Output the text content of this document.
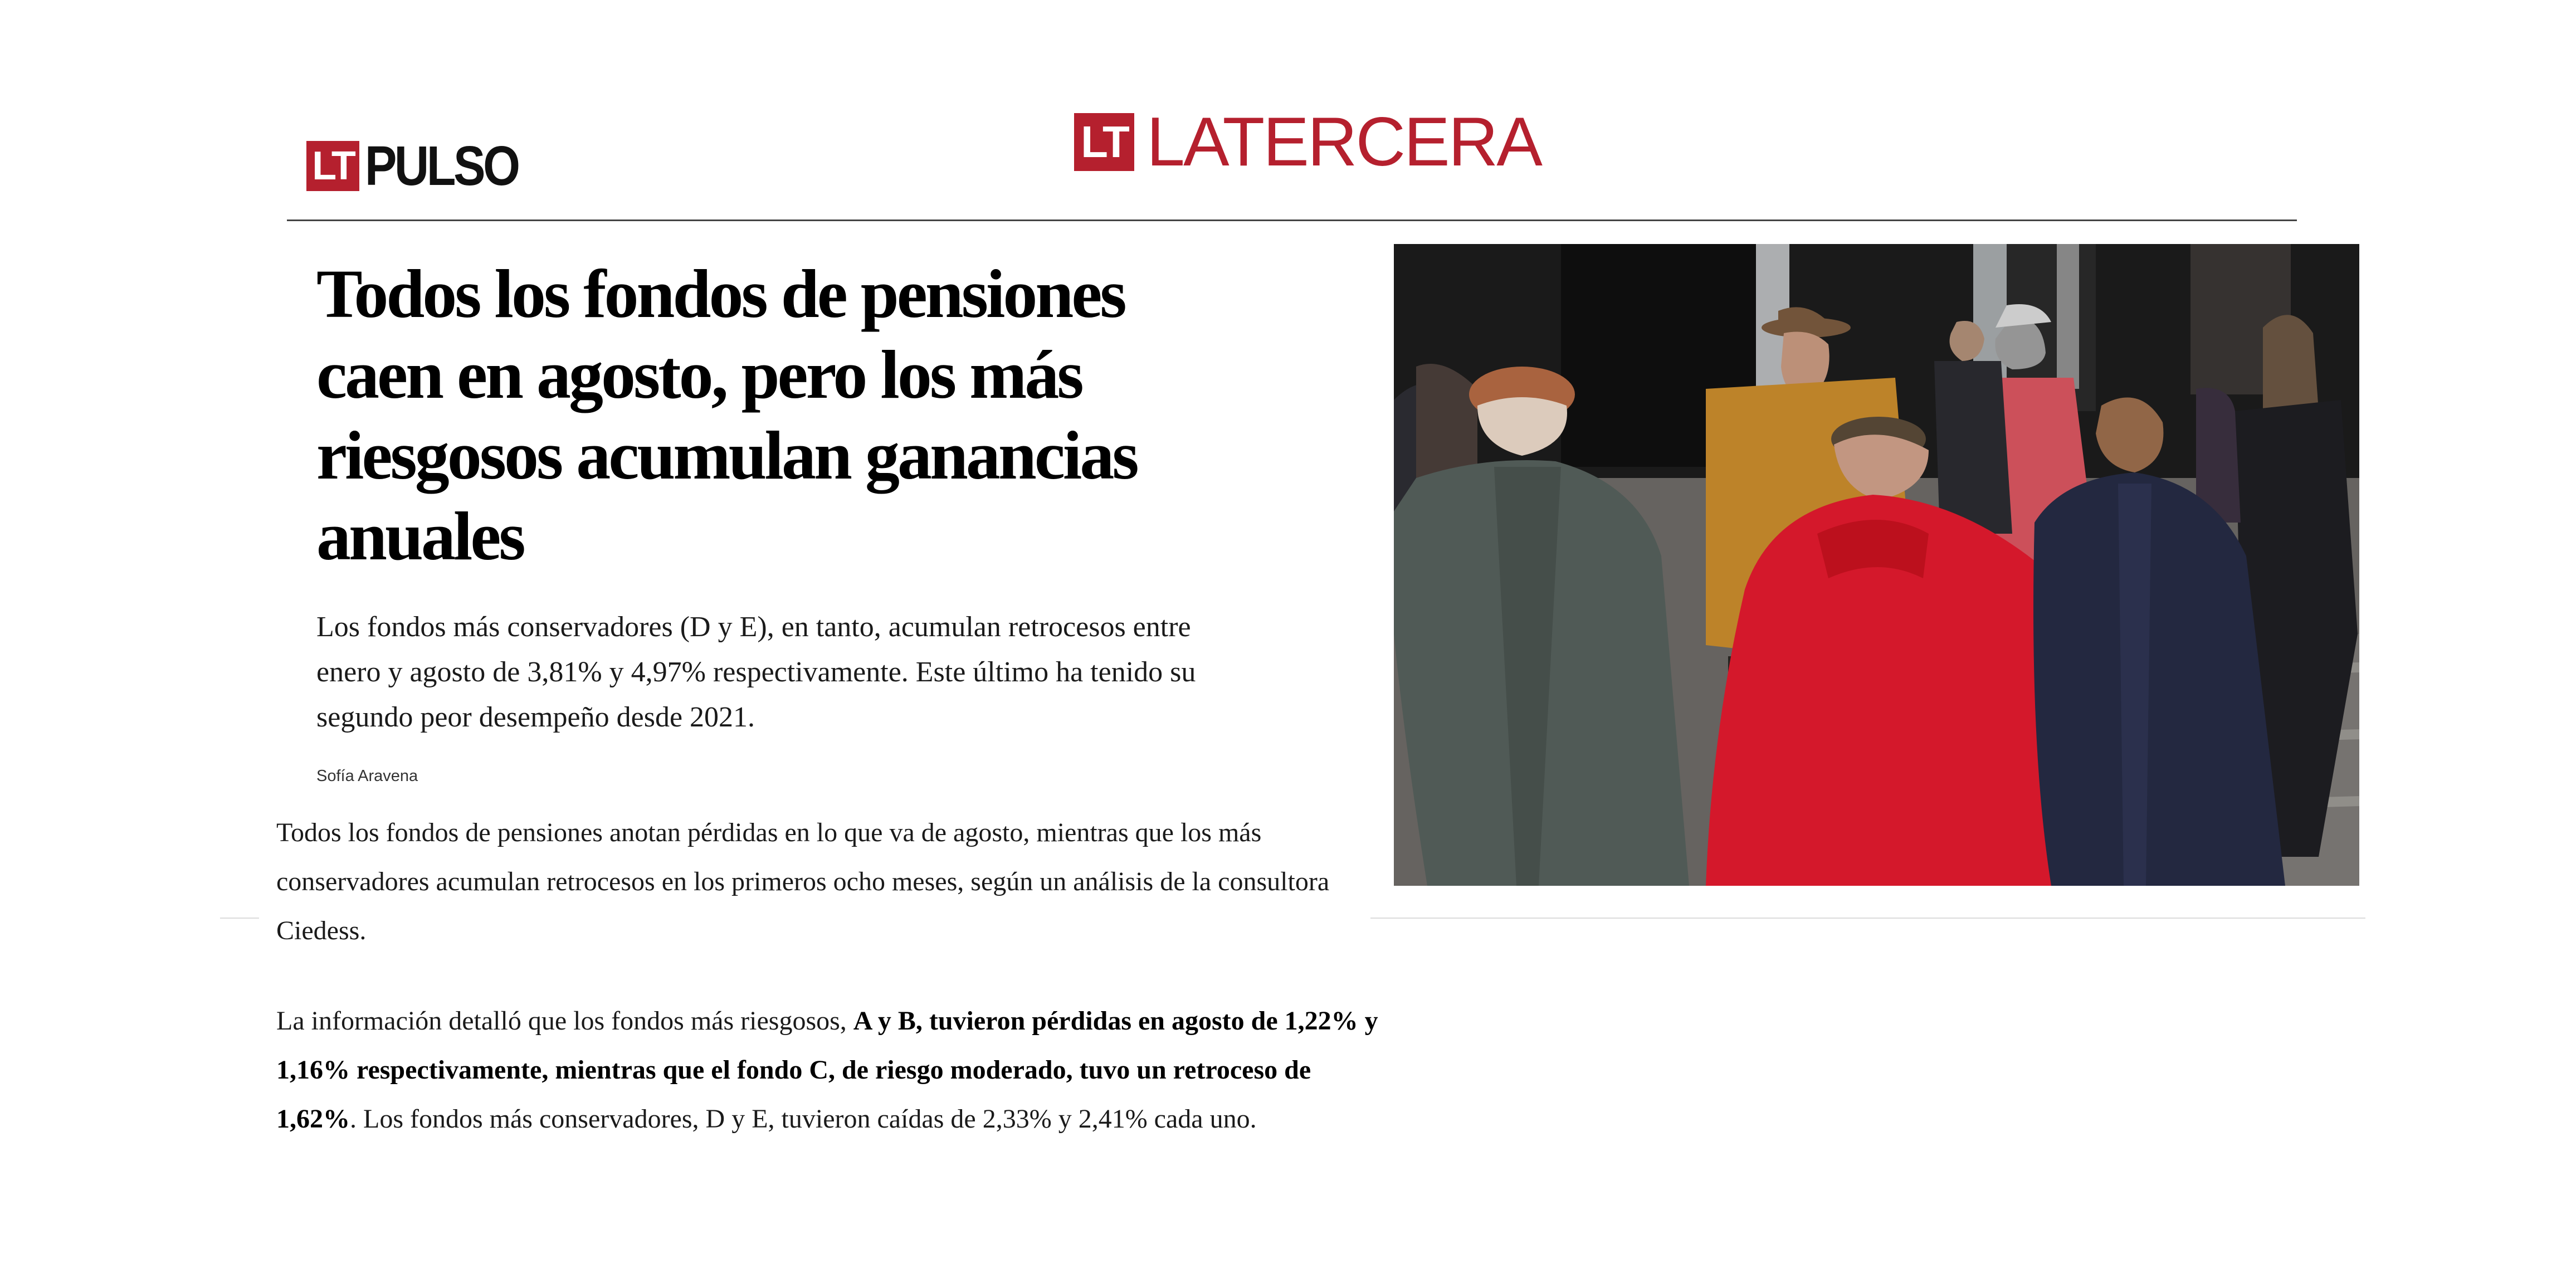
LT PULSO	LT LATERCERA
Todos los fondos de pensiones caen en agosto, pero los más riesgosos acumulan ganancias anuales

Los fondos más conservadores (D y E), en tanto, acumulan retrocesos entre enero y agosto de 3,81% y 4,97% respectivamente. Este último ha tenido su segundo peor desempeño desde 2021.

Sofía Aravena

Todos los fondos de pensiones anotan pérdidas en lo que va de agosto, mientras que los más conservadores acumulan retrocesos en los primeros ocho meses, según un análisis de la consultora Ciedess.

La información detalló que los fondos más riesgosos, A y B, tuvieron pérdidas en agosto de 1,22% y 1,16% respectivamente, mientras que el fondo C, de riesgo moderado, tuvo un retroceso de 1,62%. Los fondos más conservadores, D y E, tuvieron caídas de 2,33% y 2,41% cada uno.
